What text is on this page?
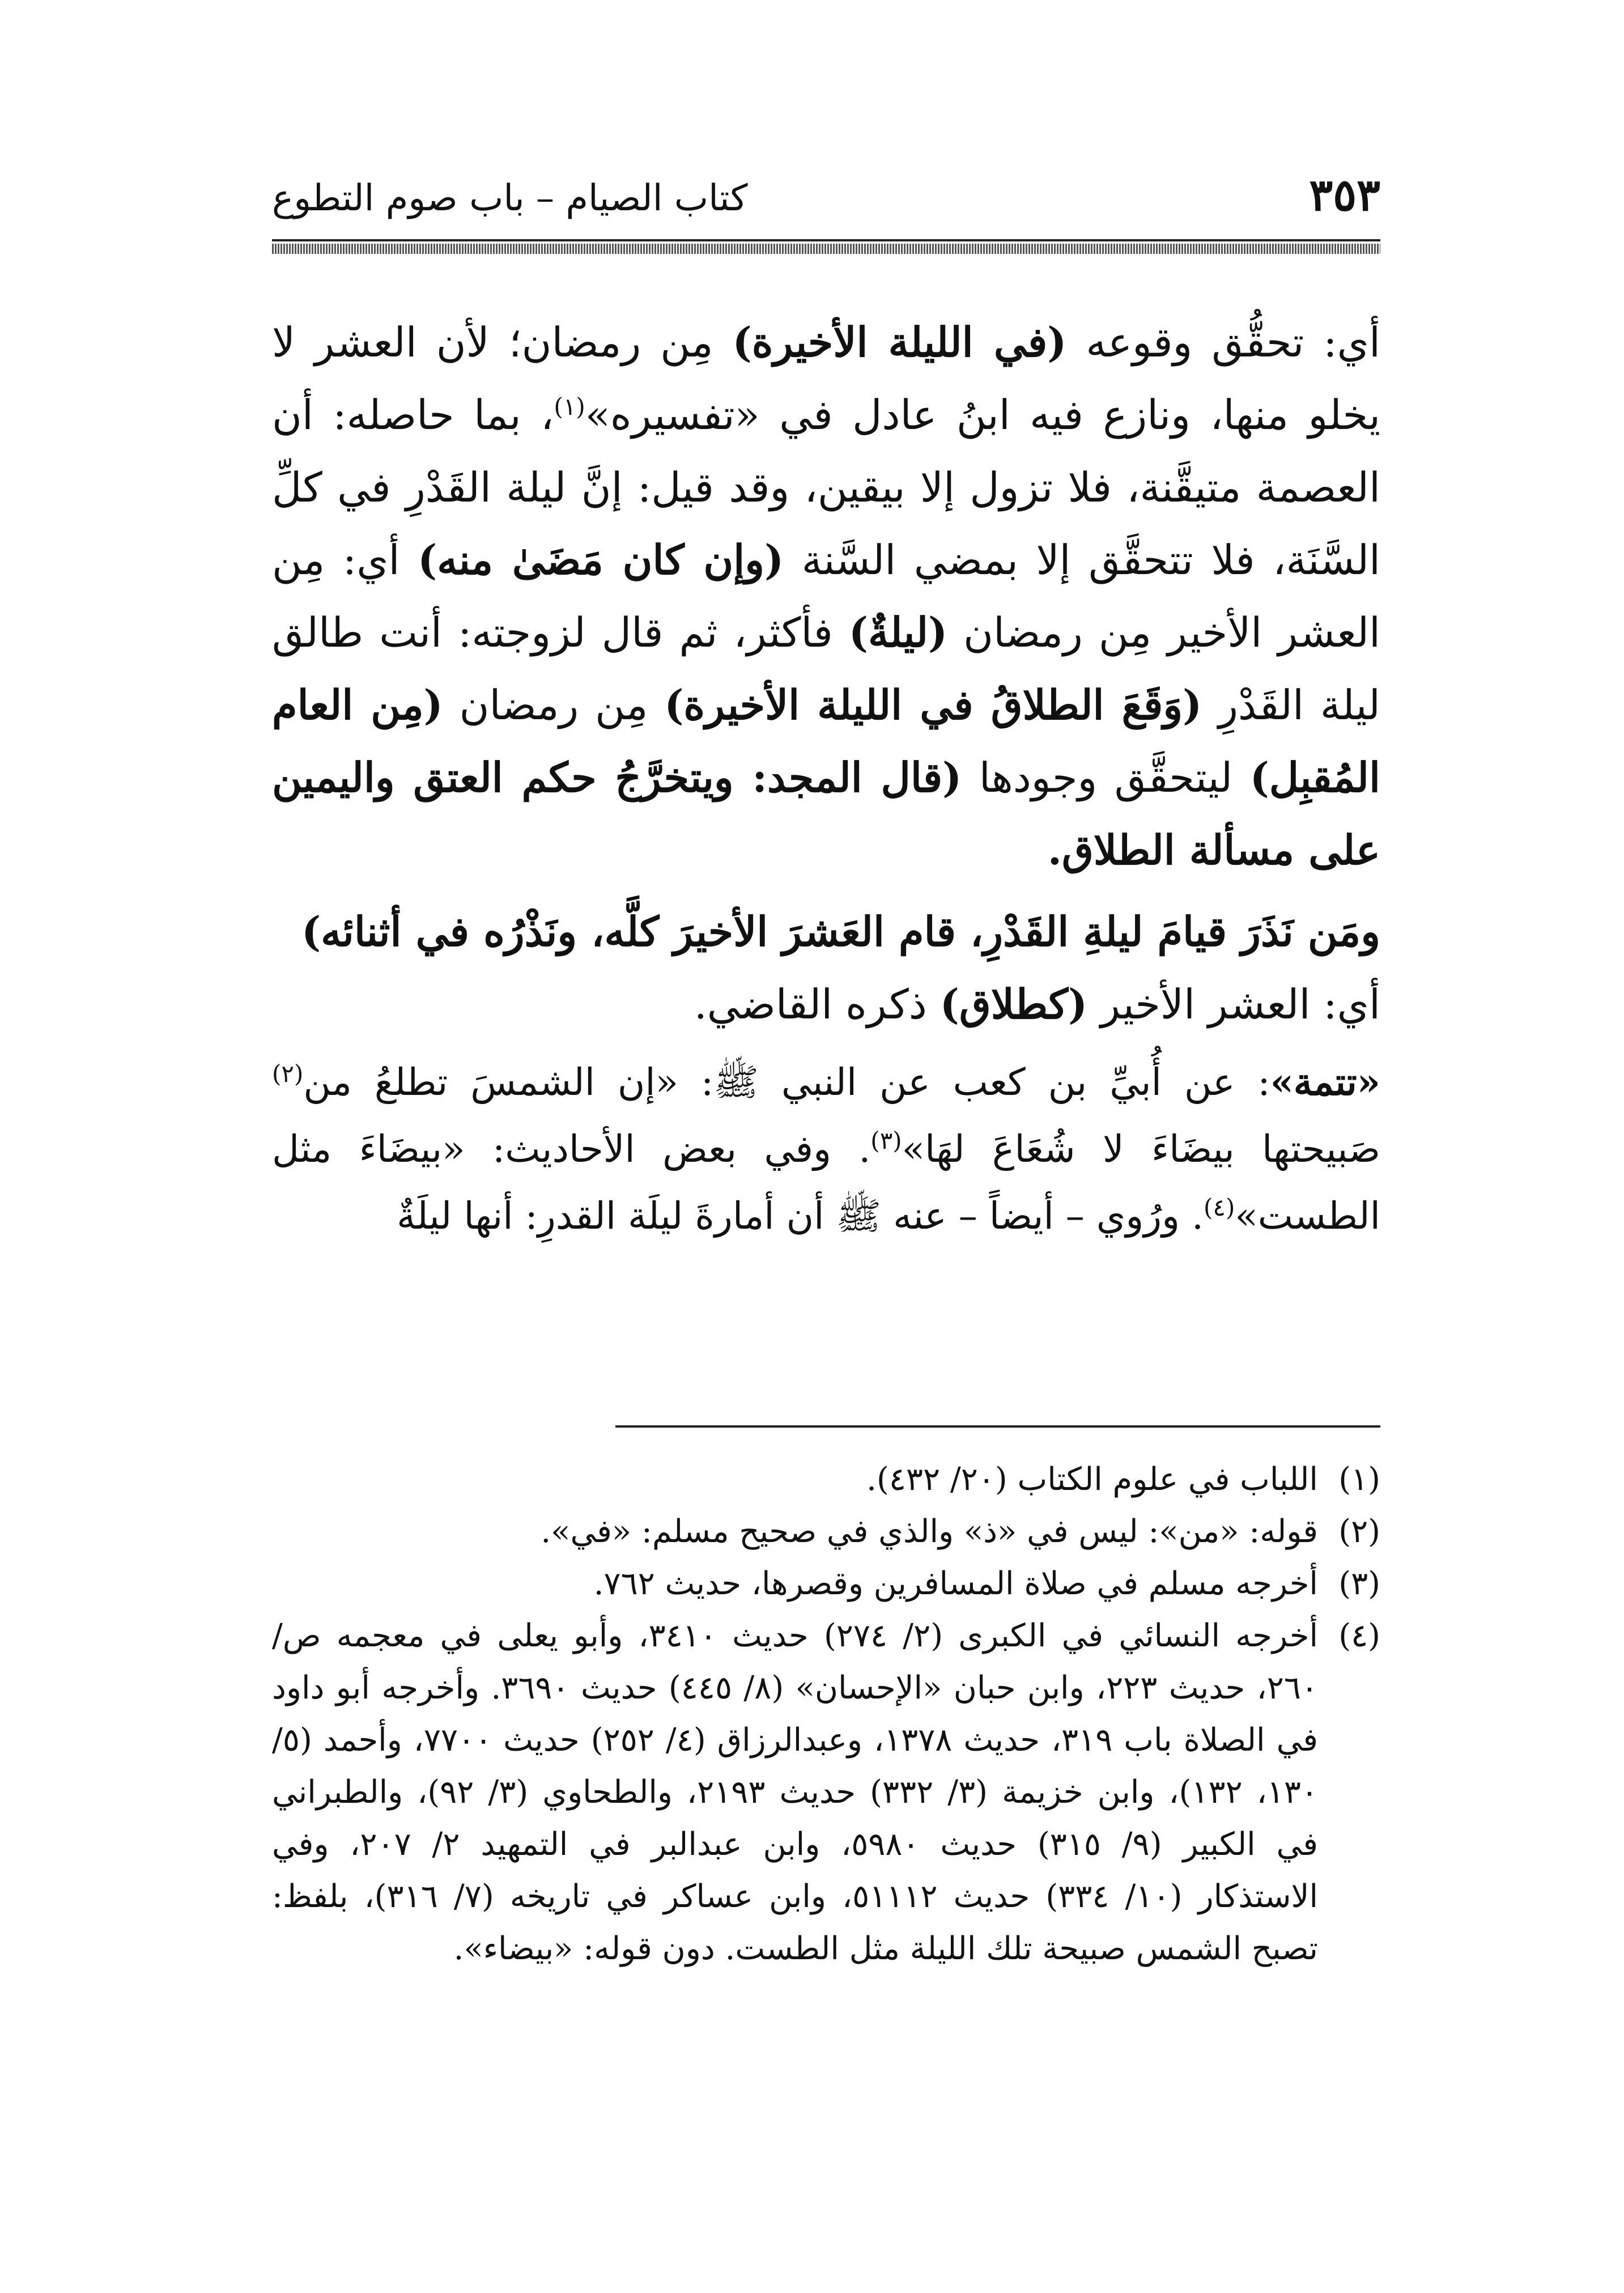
٣٥٣
كتاب الصيام – باب صوم التطوع

أي: تحقُّق وقوعه (في الليلة الأخيرة) مِن رمضان؛ لأن العشر لا يخلو منها، ونازع فيه ابنُ عادل في «تفسيره»$^{(١)}$، بما حاصله: أن العصمة متيقَّنة، فلا تزول إلا بيقين، وقد قيل: إنَّ ليلة القَدْرِ في كلِّ السَّنَة، فلا تتحقَّق إلا بمضي السَّنة (وإن كان مَضَىٰ منه) أي: مِن العشر الأخير مِن رمضان (ليلةٌ) فأكثر، ثم قال لزوجته: أنت طالق ليلة القَدْرِ (وَقَعَ الطلاقُ في الليلة الأخيرة) مِن رمضان (مِن العام المُقبِل) ليتحقَّق وجودها (قال المجد: ويتخرَّجُ حكم العتق واليمين على مسألة الطلاق.

ومَن نَذَرَ قيامَ ليلةِ القَدْرِ، قام العَشرَ الأخيرَ كلَّه، ونَذْرُه في أثنائه)
أي: العشر الأخير (كطلاق) ذكره القاضي.

«تتمة»: عن أُبيِّ بن كعب عن النبي ﷺ: «إن الشمسَ تطلعُ من$^{(٢)}$ صَبيحتها بيضَاءَ لا شُعَاعَ لهَا»$^{(٣)}$. وفي بعض الأحاديث: «بيضَاءَ مثل الطست»$^{(٤)}$. ورُوي – أيضاً – عنه ﷺ أن أمارةَ ليلَة القدرِ: أنها ليلَةٌ

(١)
اللباب في علوم الكتاب (٢٠/ ٤٣٢).
(٢)
قوله: «من»: ليس في «ذ» والذي في صحيح مسلم: «في».
(٣)
أخرجه مسلم في صلاة المسافرين وقصرها، حديث ٧٦٢.
(٤)
أخرجه النسائي في الكبرى (٢/ ٢٧٤) حديث ٣٤١٠، وأبو يعلى في معجمه ص/ ٢٦٠، حديث ٢٢٣، وابن حبان «الإحسان» (٨/ ٤٤٥) حديث ٣٦٩٠. وأخرجه أبو داود في الصلاة باب ٣١٩، حديث ١٣٧٨، وعبدالرزاق (٤/ ٢٥٢) حديث ٧٧٠٠، وأحمد (٥/ ١٣٠، ١٣٢)، وابن خزيمة (٣/ ٣٣٢) حديث ٢١٩٣، والطحاوي (٣/ ٩٢)، والطبراني في الكبير (٩/ ٣١٥) حديث ٥٩٨٠، وابن عبدالبر في التمهيد ٢/ ٢٠٧، وفي الاستذكار (١٠/ ٣٣٤) حديث ٥١١١٢، وابن عساكر في تاريخه (٧/ ٣١٦)، بلفظ: تصبح الشمس صبيحة تلك الليلة مثل الطست. دون قوله: «بيضاء».
